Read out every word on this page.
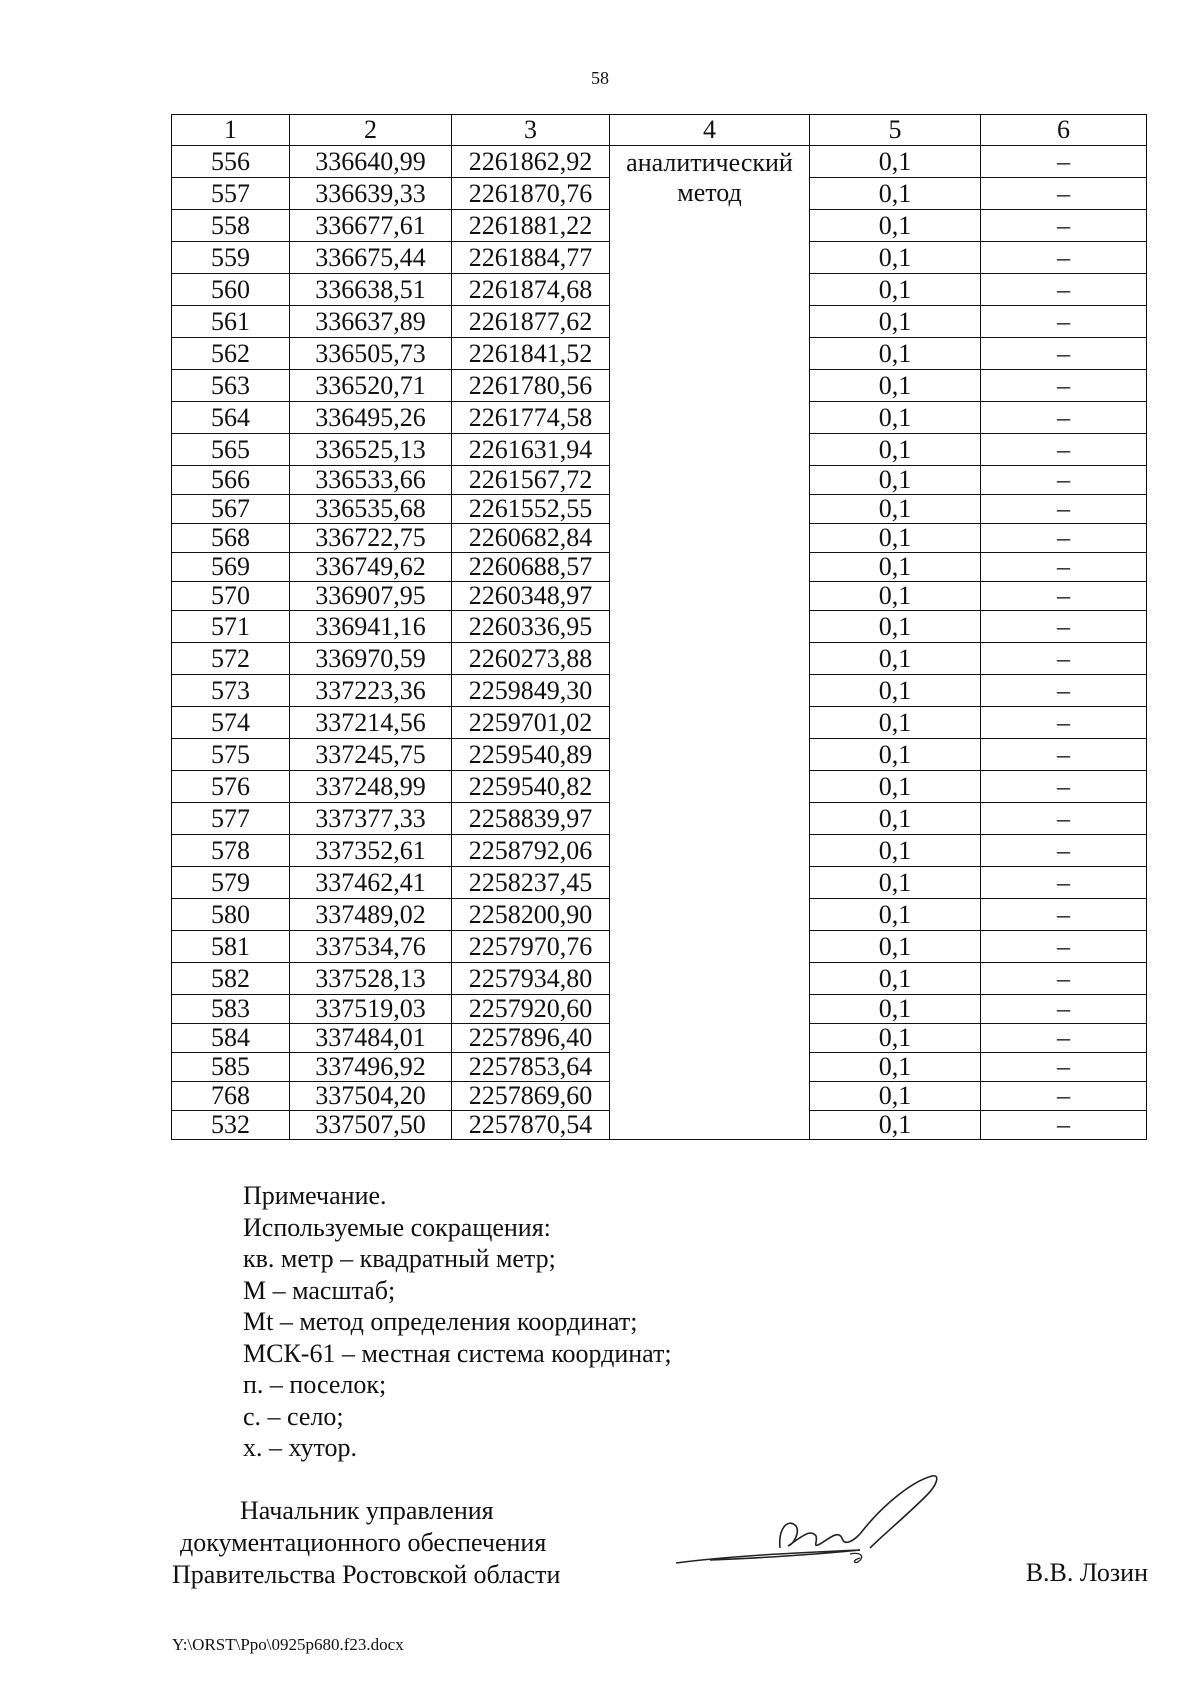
58
1	2	3	4	5	6
556	336640,99	2261862,92	аналитический метод	0,1	–
557	336639,33	2261870,76		0,1	–
558	336677,61	2261881,22		0,1	–
559	336675,44	2261884,77		0,1	–
560	336638,51	2261874,68		0,1	–
561	336637,89	2261877,62		0,1	–
562	336505,73	2261841,52		0,1	–
563	336520,71	2261780,56		0,1	–
564	336495,26	2261774,58		0,1	–
565	336525,13	2261631,94		0,1	–
566	336533,66	2261567,72		0,1	–
567	336535,68	2261552,55		0,1	–
568	336722,75	2260682,84		0,1	–
569	336749,62	2260688,57		0,1	–
570	336907,95	2260348,97		0,1	–
571	336941,16	2260336,95		0,1	–
572	336970,59	2260273,88		0,1	–
573	337223,36	2259849,30		0,1	–
574	337214,56	2259701,02		0,1	–
575	337245,75	2259540,89		0,1	–
576	337248,99	2259540,82		0,1	–
577	337377,33	2258839,97		0,1	–
578	337352,61	2258792,06		0,1	–
579	337462,41	2258237,45		0,1	–
580	337489,02	2258200,90		0,1	–
581	337534,76	2257970,76		0,1	–
582	337528,13	2257934,80		0,1	–
583	337519,03	2257920,60		0,1	–
584	337484,01	2257896,40		0,1	–
585	337496,92	2257853,64		0,1	–
768	337504,20	2257869,60		0,1	–
532	337507,50	2257870,54		0,1	–
Примечание.
Используемые сокращения:
кв. метр – квадратный метр;
М – масштаб;
Mt – метод определения координат;
МСК-61 – местная система координат;
п. – поселок;
с. – село;
х. – хутор.
Начальник управления
документационного обеспечения
Правительства Ростовской области	В.В. Лозин
Y:\ORST\Ppo\0925p680.f23.docx
